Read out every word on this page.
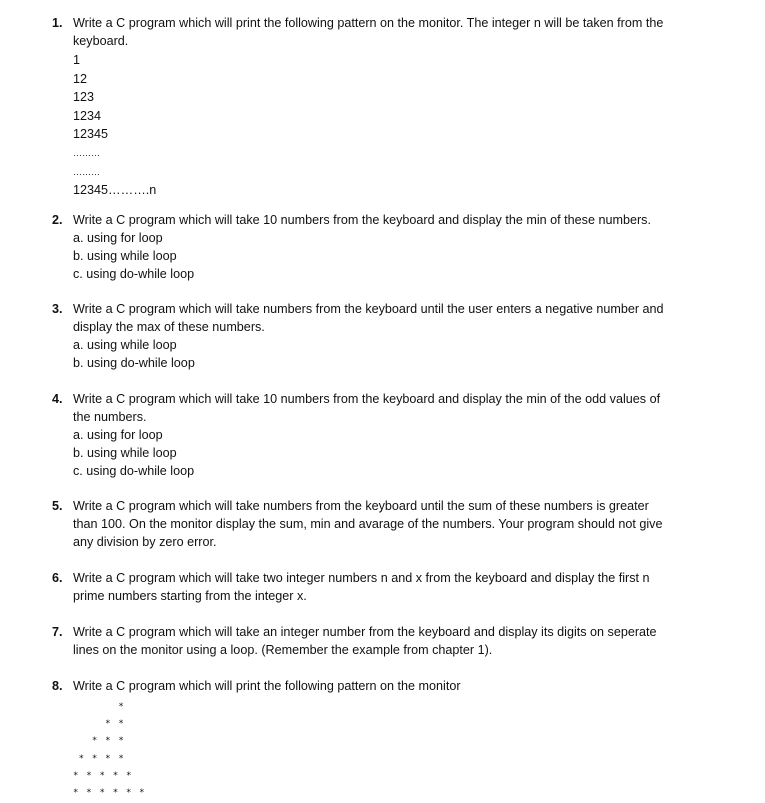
1. Write a C program which will print the following pattern on the monitor. The integer n will be taken from the
keyboard.
1
12
123
1234
12345
………
………
12345……….n
2. Write a C program which will take 10 numbers from the keyboard and display the min of these numbers.
a. using for loop
b. using while loop
c. using do-while loop
3. Write a C program which will take numbers from the keyboard until the user enters a negative number and
display the max of these numbers.
a. using while loop
b. using do-while loop
4. Write a C program which will take 10 numbers from the keyboard and display the min of the odd values of
the numbers.
a. using for loop
b. using while loop
c. using do-while loop
5. Write a C program which will take numbers from the keyboard until the sum of these numbers is greater
than 100. On the monitor display the sum, min and avarage of the numbers. Your program should not give
any division by zero error.
6. Write a C program which will take two integer numbers n and x from the keyboard and display the first n
prime numbers starting from the integer x.
7. Write a C program which will take an integer number from the keyboard and display its digits on seperate
lines on the monitor using a loop. (Remember the example from chapter 1).
8. Write a C program which will print the following pattern on the monitor
*
* *
* * *
* * * *
* * * * *
* * * * * *
